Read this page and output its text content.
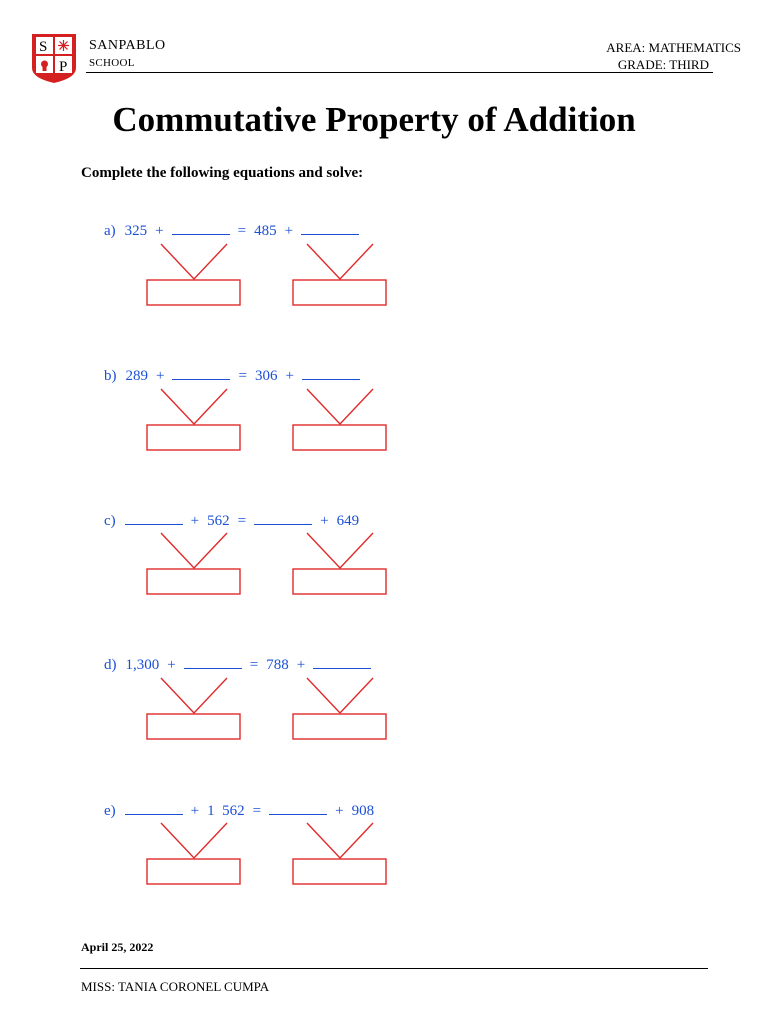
S
P
SANPABLO
SCHOOL
AREA: MATHEMATICS
GRADE: THIRD
Commutative Property of Addition
Complete the following equations and solve:
a) 325 +	= 485 +
b) 289 +	= 306 +
c)	+ 562 =	+ 649
d) 1,300 +	= 788 +
e)	+ 1  562 =	+ 908
April 25, 2022
MISS: TANIA CORONEL CUMPA
